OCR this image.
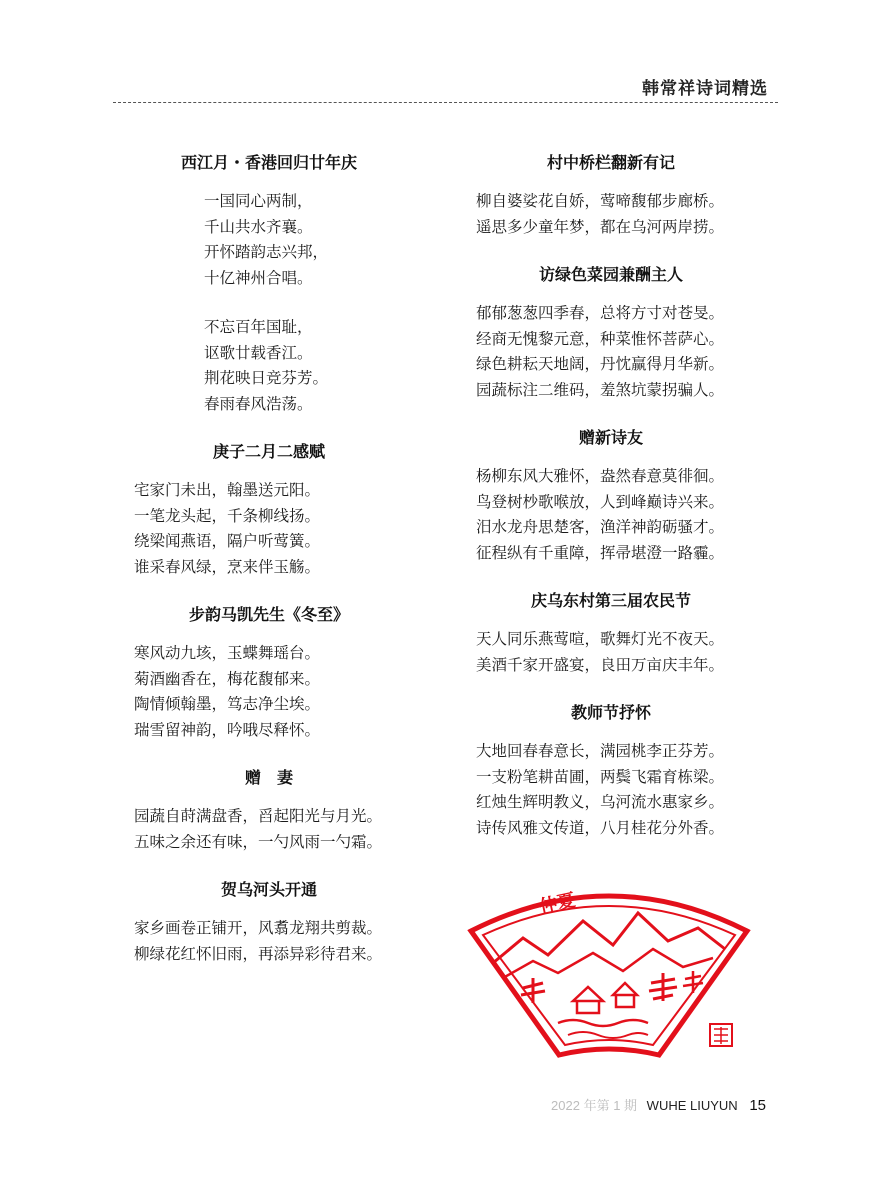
韩常祥诗词精选
西江月・香港回归廿年庆
一国同心两制，
千山共水齐襄。
开怀踏韵志兴邦，
十亿神州合唱。
不忘百年国耻，
讴歌廿载香江。
荆花映日竞芬芳。
春雨春风浩荡。
庚子二月二感赋
宅家门未出，翰墨送元阳。
一笔龙头起，千条柳线扬。
绕梁闻燕语，隔户听莺簧。
谁采春风绿，烹来伴玉觞。
步韵马凯先生《冬至》
寒风动九垓，玉蝶舞瑶台。
菊酒幽香在，梅花馥郁来。
陶情倾翰墨，笃志净尘埃。
瑞雪留神韵，吟哦尽释怀。
赠　妻
园蔬自莳满盘香，舀起阳光与月光。
五味之余还有味，一勺风雨一勺霜。
贺乌河头开通
家乡画卷正铺开，风翥龙翔共剪裁。
柳绿花红怀旧雨，再添异彩待君来。
村中桥栏翻新有记
柳自婆娑花自娇，莺啼馥郁步廊桥。
遥思多少童年梦，都在乌河两岸捞。
访绿色菜园兼酬主人
郁郁葱葱四季春，总将方寸对苍旻。
经商无愧黎元意，种菜惟怀菩萨心。
绿色耕耘天地阔，丹忱赢得月华新。
园蔬标注二维码，羞煞坑蒙拐骗人。
赠新诗友
杨柳东风大雅怀，盎然春意莫徘徊。
鸟登树杪歌喉放，人到峰巅诗兴来。
汨水龙舟思楚客，渔洋神韵砺骚才。
征程纵有千重障，挥帚堪澄一路霾。
庆乌东村第三届农民节
天人同乐燕莺喧，歌舞灯光不夜天。
美酒千家开盛宴，良田万亩庆丰年。
教师节抒怀
大地回春春意长，满园桃李正芬芳。
一支粉笔耕苗圃，两鬓飞霜育栋梁。
红烛生辉明教义，乌河流水惠家乡。
诗传风雅文传道，八月桂花分外香。
仲夏
2022 年第 1 期 WUHE LIUYUN 15
